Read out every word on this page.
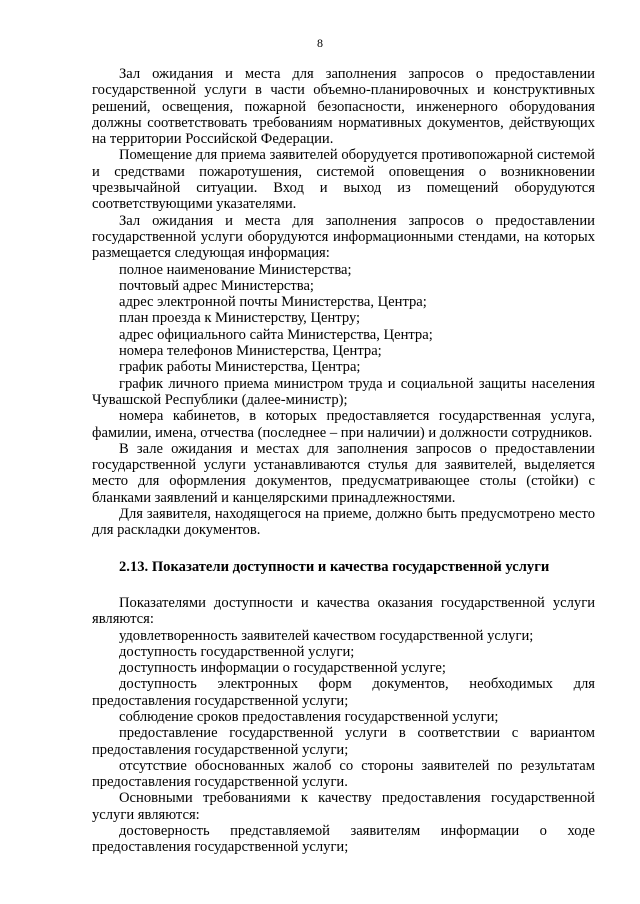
8

Зал ожидания и места для заполнения запросов о предоставлении государственной услуги в части объемно-планировочных и конструктивных решений, освещения, пожарной безопасности, инженерного оборудования должны соответствовать требованиям нормативных документов, действующих на территории Российской Федерации.

Помещение для приема заявителей оборудуется противопожарной системой и средствами пожаротушения, системой оповещения о возникновении чрезвычайной ситуации. Вход и выход из помещений оборудуются соответствующими указателями.

Зал ожидания и места для заполнения запросов о предоставлении государственной услуги оборудуются информационными стендами, на которых размещается следующая информация:

полное наименование Министерства;

почтовый адрес Министерства;

адрес электронной почты Министерства, Центра;

план проезда к Министерству, Центру;

адрес официального сайта Министерства, Центра;

номера телефонов Министерства, Центра;

график работы Министерства, Центра;

график личного приема министром труда и социальной защиты населения Чувашской Республики (далее-министр);

номера кабинетов, в которых предоставляется государственная услуга, фамилии, имена, отчества (последнее – при наличии) и должности сотрудников.

В зале ожидания и местах для заполнения запросов о предоставлении государственной услуги устанавливаются стулья для заявителей, выделяется место для оформления документов, предусматривающее столы (стойки) с бланками заявлений и канцелярскими принадлежностями.

Для заявителя, находящегося на приеме, должно быть предусмотрено место для раскладки документов.

2.13. Показатели доступности и качества государственной услуги

Показателями доступности и качества оказания государственной услуги являются:

удовлетворенность заявителей качеством государственной услуги;

доступность государственной услуги;

доступность информации о государственной услуге;

доступность электронных форм документов, необходимых для предоставления государственной услуги;

соблюдение сроков предоставления государственной услуги;

предоставление государственной услуги в соответствии с вариантом предоставления государственной услуги;

отсутствие обоснованных жалоб со стороны заявителей по результатам предоставления государственной услуги.

Основными требованиями к качеству предоставления государственной услуги являются:

достоверность представляемой заявителям информации о ходе предоставления государственной услуги;
